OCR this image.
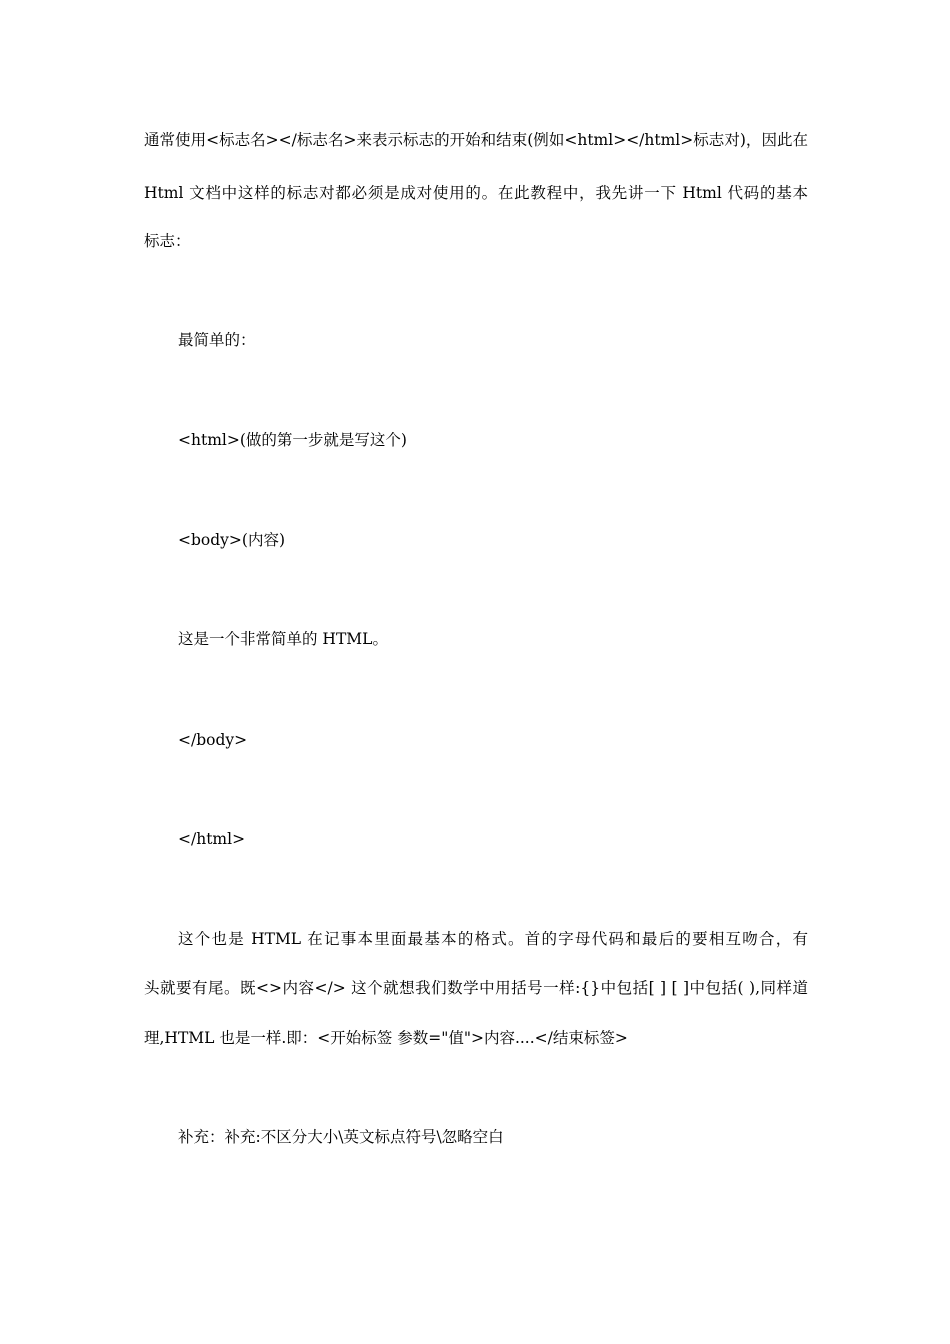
通常使用<标志名></标志名>来表示标志的开始和结束(例如<html></html>标志对)，因此在
Html 文档中这样的标志对都必须是成对使用的。在此教程中，我先讲一下 Html 代码的基本
标志：
最简单的：
<html>(做的第一步就是写这个)
<body>(内容)
这是一个非常简单的 HTML。
</body>
</html>
这个也是 HTML 在记事本里面最基本的格式。首的字母代码和最后的要相互吻合，有
头就要有尾。既<>内容</> 这个就想我们数学中用括号一样:{}中包括[ ] [ ]中包括( ),同样道
理,HTML 也是一样.即：<开始标签 参数="值">内容....</结束标签>
补充：补充:不区分大小\英文标点符号\忽略空白
